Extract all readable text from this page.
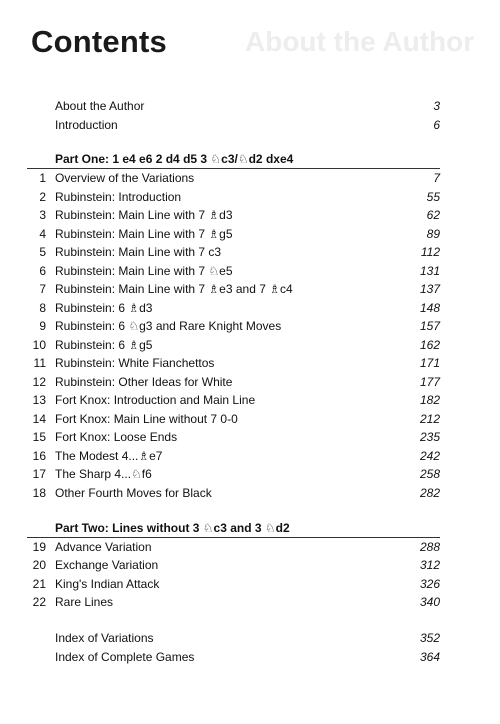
About the Author
Contents
About the Author	3
Introduction	6
Part One: 1 e4 e6 2 d4 d5 3 ♘c3/♘d2 dxe4
1 Overview of the Variations	7
2 Rubinstein: Introduction	55
3 Rubinstein: Main Line with 7 ♗d3	62
4 Rubinstein: Main Line with 7 ♗g5	89
5 Rubinstein: Main Line with 7 c3	112
6 Rubinstein: Main Line with 7 ♘e5	131
7 Rubinstein: Main Line with 7 ♗e3 and 7 ♗c4	137
8 Rubinstein: 6 ♗d3	148
9 Rubinstein: 6 ♘g3 and Rare Knight Moves	157
10 Rubinstein: 6 ♗g5	162
11 Rubinstein: White Fianchettos	171
12 Rubinstein: Other Ideas for White	177
13 Fort Knox: Introduction and Main Line	182
14 Fort Knox: Main Line without 7 0-0	212
15 Fort Knox: Loose Ends	235
16 The Modest 4...♗e7	242
17 The Sharp 4...♘f6	258
18 Other Fourth Moves for Black	282
Part Two: Lines without 3 ♘c3 and 3 ♘d2
19 Advance Variation	288
20 Exchange Variation	312
21 King's Indian Attack	326
22 Rare Lines	340
Index of Variations	352
Index of Complete Games	364
